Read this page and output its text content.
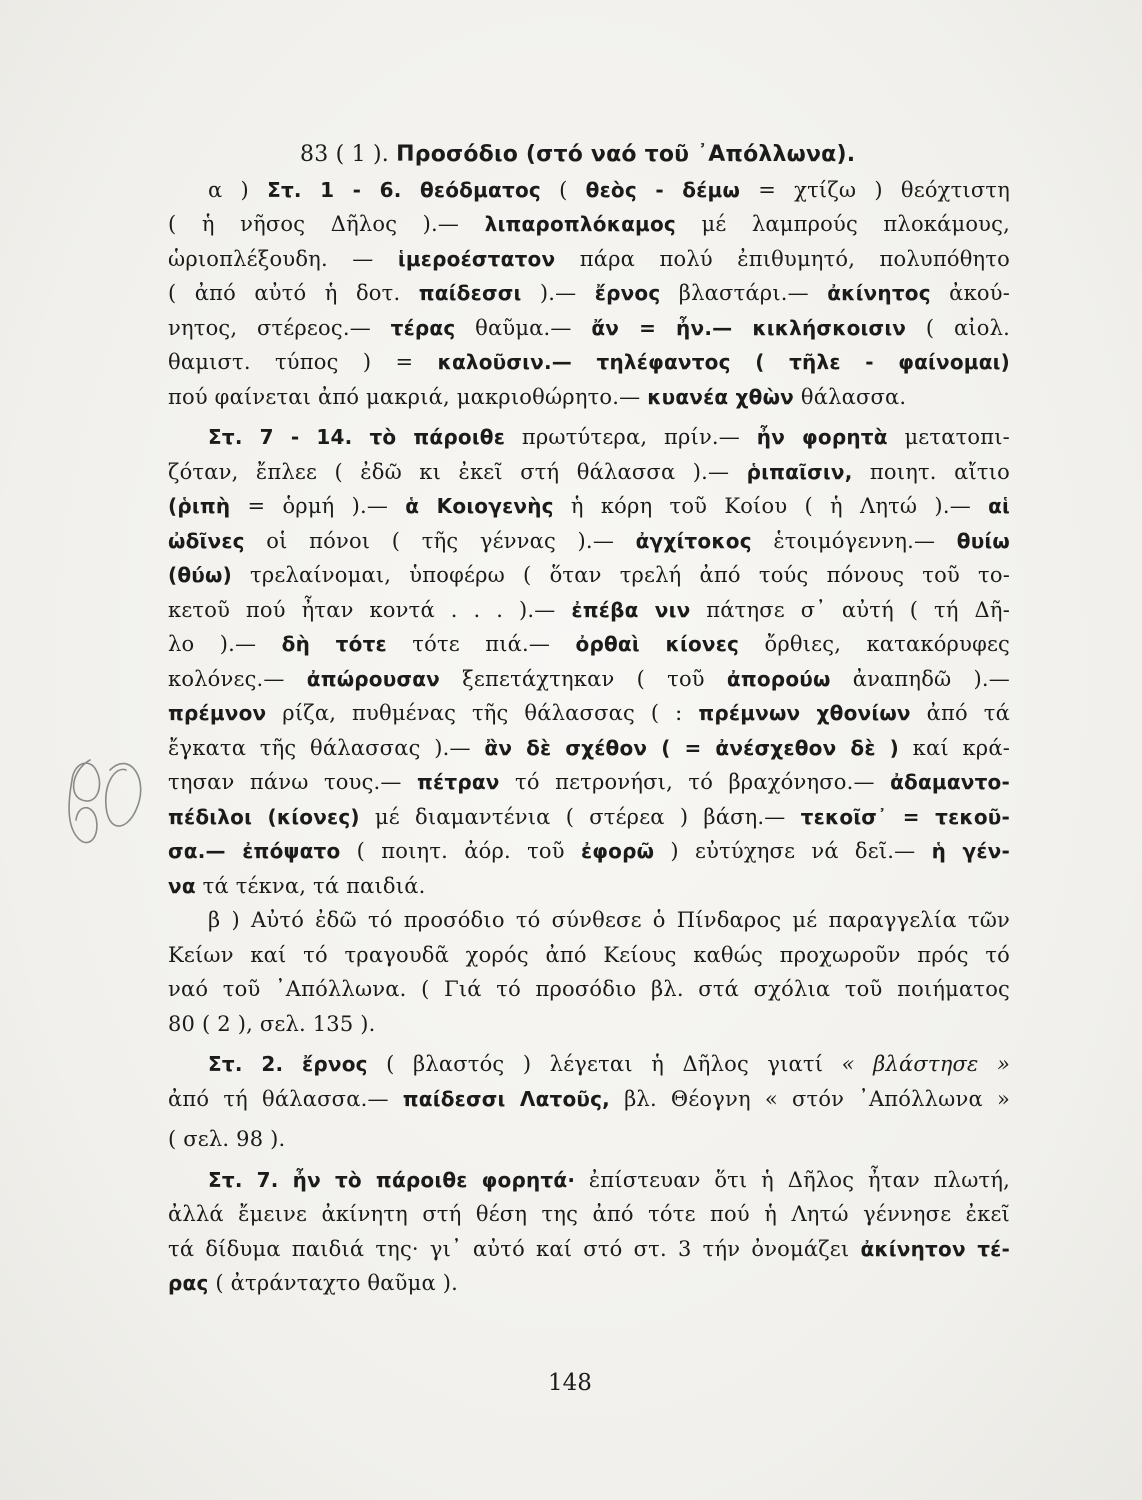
83 ( 1 ). Προσόδιο (στό ναό τοῦ ᾿Απόλλωνα).
α ) Στ. 1 - 6. θεόδματος ( θεὸς - δέμω = χτίζω ) θεόχτιστη
( ἡ νῆσος Δῆλος ).— λιπαροπλόκαμος μέ λαμπρούς πλοκάμους,
ὡριοπλέξουδη. — ἱμεροέστατον πάρα πολύ ἐπιθυμητό, πολυπόθητο
( ἀπό αὐτό ἡ δοτ. παίδεσσι ).— ἔρνος βλαστάρι.— ἀκίνητος ἀκού-
νητος, στέρεος.— τέρας θαῦμα.— ἄν = ἦν.— κικλήσκοισιν ( αἰολ.
θαμιστ. τύπος ) = καλοῦσιν.— τηλέφαντος ( τῆλε - φαίνομαι)
πού φαίνεται ἀπό μακριά, μακριοθώρητο.— κυανέα χθὼν θάλασσα.
Στ. 7 - 14. τὸ πάροιθε πρωτύτερα, πρίν.— ἦν φορητὰ μετατοπι-
ζόταν, ἔπλεε ( ἐδῶ κι ἐκεῖ στή θάλασσα ).— ῥιπαῖσιν, ποιητ. αἴτιο
(ῥιπὴ = ὁρμή ).— ἁ Κοιογενὴς ἡ κόρη τοῦ Κοίου ( ἡ Λητώ ).— αἱ
ὠδῖνες οἱ πόνοι ( τῆς γέννας ).— ἀγχίτοκος ἑτοιμόγεννη.— θυίω
(θύω) τρελαίνομαι, ὑποφέρω ( ὅταν τρελή ἀπό τούς πόνους τοῦ το-
κετοῦ πού ἦταν κοντά . . . ).— ἐπέβα νιν πάτησε σ᾽ αὐτή ( τή Δῆ-
λο ).— δὴ τότε τότε πιά.— ὀρθαὶ κίονες ὄρθιες, κατακόρυφες
κολόνες.— ἀπώρουσαν ξεπετάχτηκαν ( τοῦ ἀπορούω ἀναπηδῶ ).—
πρέμνον ρίζα, πυθμένας τῆς θάλασσας ( : πρέμνων χθονίων ἀπό τά
ἔγκατα τῆς θάλασσας ).— ἂν δὲ σχέθον ( = ἀνέσχεθον δὲ ) καί κρά-
τησαν πάνω τους.— πέτραν τό πετρονήσι, τό βραχόνησο.— ἀδαμαντο-
πέδιλοι (κίονες) μέ διαμαντένια ( στέρεα ) βάση.— τεκοῖσ᾽ = τεκοῦ-
σα.— ἐπόψατο ( ποιητ. ἀόρ. τοῦ ἐφορῶ ) εὐτύχησε νά δεῖ.— ἡ γέν-
να τά τέκνα, τά παιδιά.
β ) Αὐτό ἐδῶ τό προσόδιο τό σύνθεσε ὁ Πίνδαρος μέ παραγγελία τῶν
Κείων καί τό τραγουδᾶ χορός ἀπό Κείους καθώς προχωροῦν πρός τό
ναό τοῦ ᾿Απόλλωνα. ( Γιά τό προσόδιο βλ. στά σχόλια τοῦ ποιήματος
80 ( 2 ), σελ. 135 ).
Στ. 2. ἔρνος ( βλαστός ) λέγεται ἡ Δῆλος γιατί « βλάστησε »
ἀπό τή θάλασσα.— παίδεσσι Λατοῦς, βλ. Θέογνη « στόν ᾿Απόλλωνα »
( σελ. 98 ).
Στ. 7. ἦν τὸ πάροιθε φορητά· ἐπίστευαν ὅτι ἡ Δῆλος ἦταν πλωτή,
ἀλλά ἔμεινε ἀκίνητη στή θέση της ἀπό τότε πού ἡ Λητώ γέννησε ἐκεῖ
τά δίδυμα παιδιά της· γι᾽ αὐτό καί στό στ. 3 τήν ὀνομάζει ἀκίνητον τέ-
ρας ( ἀτράνταχτο θαῦμα ).
148
